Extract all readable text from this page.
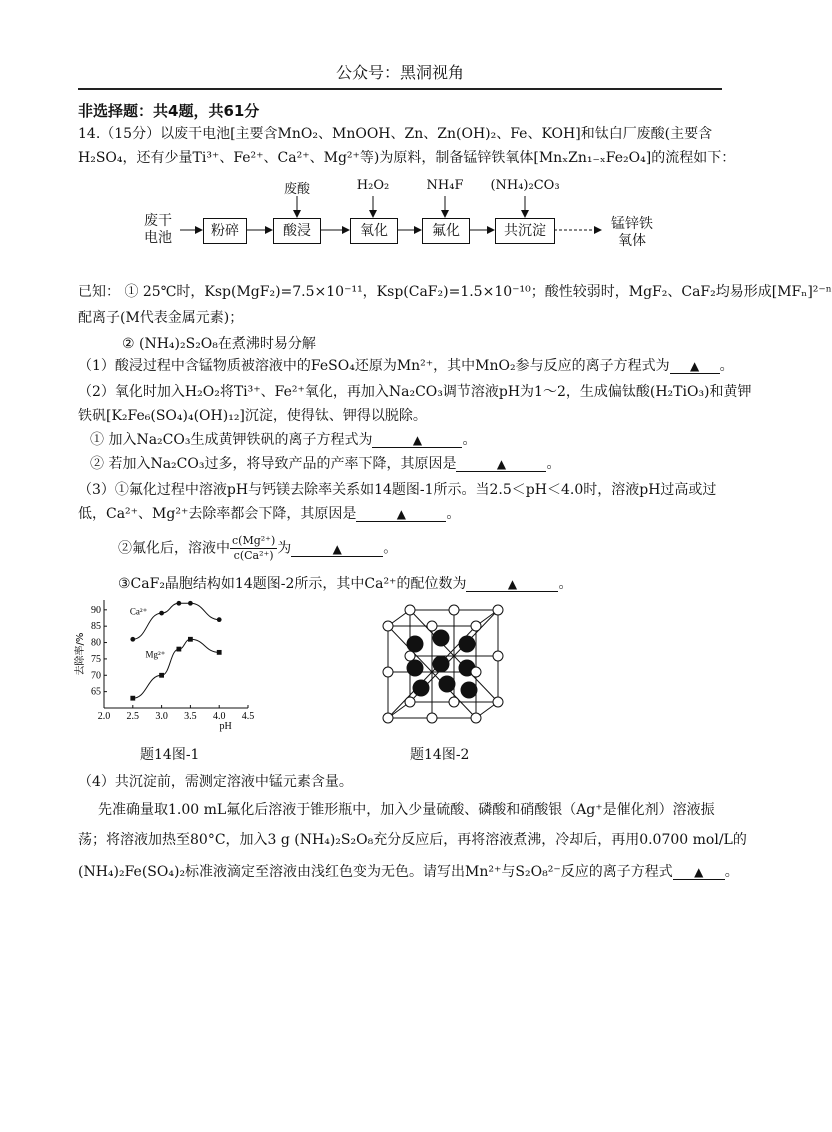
公众号：黑洞视角
非选择题：共4题，共61分
14.（15分）以废干电池[主要含MnO₂、MnOOH、Zn、Zn(OH)₂、Fe、KOH]和钛白厂废酸(主要含
H₂SO₄，还有少量Ti³⁺、Fe²⁺、Ca²⁺、Mg²⁺等)为原料，制备锰锌铁氧体[MnₓZn₁₋ₓFe₂O₄]的流程如下：
废干
电池	粉碎	酸浸	氧化	氟化	共沉淀
废酸	H₂O₂	NH₄F	(NH₄)₂CO₃
锰锌铁
氧体
已知： ① 25℃时，Ksp(MgF₂)=7.5×10⁻¹¹，Ksp(CaF₂)=1.5×10⁻¹⁰；酸性较弱时，MgF₂、CaF₂均易形成[MFₙ]²⁻ⁿ
配离子(M代表金属元素)；
② (NH₄)₂S₂O₈在煮沸时易分解
（1）酸浸过程中含锰物质被溶液中的FeSO₄还原为Mn²⁺，其中MnO₂参与反应的离子方程式为 ▲ 。
（2）氧化时加入H₂O₂将Ti³⁺、Fe²⁺氧化，再加入Na₂CO₃调节溶液pH为1～2，生成偏钛酸(H₂TiO₃)和黄钾
铁矾[K₂Fe₆(SO₄)₄(OH)₁₂]沉淀，使得钛、钾得以脱除。
① 加入Na₂CO₃生成黄钾铁矾的离子方程式为	▲	。
② 若加入Na₂CO₃过多，将导致产品的产率下降，其原因是	▲	。
（3）①氟化过程中溶液pH与钙镁去除率关系如14题图-1所示。当2.5＜pH＜4.0时，溶液pH过高或过
低，Ca²⁺、Mg²⁺去除率都会下降，其原因是	▲	。
②氟化后，溶液中 $\frac{\text{c(Mg²⁺)}}{\text{c(Ca²⁺)}}$ 为	▲	。
③CaF₂晶胞结构如14题图-2所示，其中Ca²⁺的配位数为	▲	。
2.0 2.5 3.0 3.5 4.0 4.5
65
70
75
80
85
90
pH
去除率/%
Ca²⁺
Mg²⁺
题14图-1	题14图-2
（4）共沉淀前，需测定溶液中锰元素含量。
先准确量取1.00 mL氟化后溶液于锥形瓶中，加入少量硫酸、磷酸和硝酸银（Ag⁺是催化剂）溶液振
荡；将溶液加热至80°C，加入3 g (NH₄)₂S₂O₈充分反应后，再将溶液煮沸，冷却后，再用0.0700 mol/L的
(NH₄)₂Fe(SO₄)₂标准液滴定至溶液由浅红色变为无色。请写出Mn²⁺与S₂O₈²⁻反应的离子方程式 ▲ 。
